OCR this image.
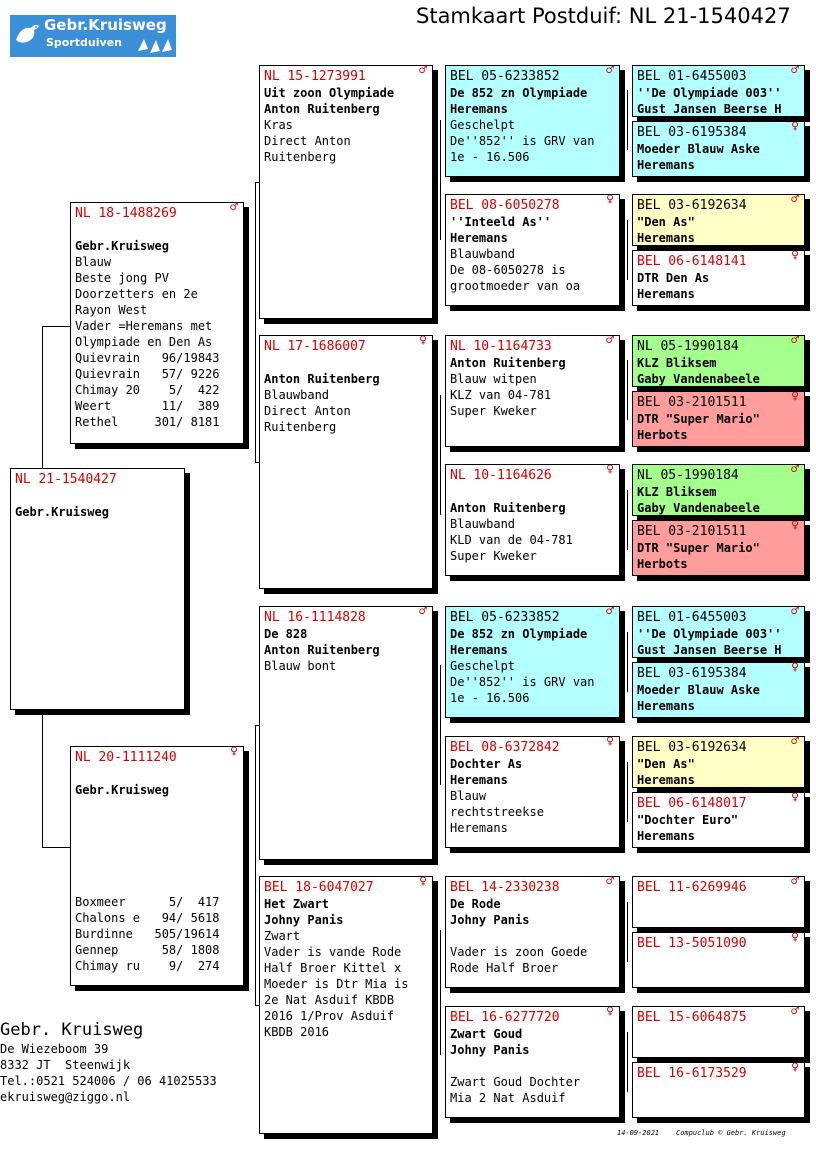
Stamkaart Postduif: NL 21-1540427
Gebr.Kruisweg
Sportduiven
NL 21-1540427
Gebr.Kruisweg
NL 18-1488269	♂
Gebr.Kruisweg
Blauw
Beste jong PV
Doorzetters en 2e
Rayon West
Vader =Heremans met
Olympiade en Den As
Quievrain   96/19843
Quievrain   57/ 9226
Chimay 20    5/  422
Weert       11/  389
Rethel     301/ 8181
NL 20-1111240	♀
Gebr.Kruisweg
Boxmeer      5/  417
Chalons e   94/ 5618
Burdinne   505/19614
Gennep      58/ 1808
Chimay ru    9/  274
NL 15-1273991	♂
Uit zoon Olympiade
Anton Ruitenberg
Kras
Direct Anton
Ruitenberg
NL 17-1686007	♀
Anton Ruitenberg
Blauwband
Direct Anton
Ruitenberg
NL 16-1114828	♂
De 828
Anton Ruitenberg
Blauw bont
BEL 18-6047027	♀
Het Zwart
Johny Panis
Zwart
Vader is vande Rode
Half Broer Kittel x
Moeder is Dtr Mia is
2e Nat Asduif KBDB
2016 1/Prov Asduif
KBDB 2016
BEL 05-6233852	♂
De 852 zn Olympiade
Heremans
Geschelpt
De''852'' is GRV van
1e - 16.506
BEL 08-6050278	♀
''Inteeld As''
Heremans
Blauwband
De 08-6050278 is
grootmoeder van oa
NL 10-1164733	♂
Anton Ruitenberg
Blauw witpen
KLZ van 04-781
Super Kweker
NL 10-1164626	♀
Anton Ruitenberg
Blauwband
KLD van de 04-781
Super Kweker
BEL 05-6233852	♂
De 852 zn Olympiade
Heremans
Geschelpt
De''852'' is GRV van
1e - 16.506
BEL 08-6372842	♀
Dochter As
Heremans
Blauw
rechtstreekse
Heremans
BEL 14-2330238	♂
De Rode
Johny Panis
Vader is zoon Goede
Rode Half Broer
BEL 16-6277720	♀
Zwart Goud
Johny Panis
Zwart Goud Dochter
Mia 2 Nat Asduif
BEL 01-6455003	♂
''De Olympiade 003''
Gust Jansen Beerse H
BEL 03-6195384	♀
Moeder Blauw Aske
Heremans
BEL 03-6192634	♂
"Den As"
Heremans
BEL 06-6148141	♀
DTR Den As
Heremans
NL 05-1990184	♂
KLZ Bliksem
Gaby Vandenabeele
BEL 03-2101511	♀
DTR "Super Mario"
Herbots
NL 05-1990184	♂
KLZ Bliksem
Gaby Vandenabeele
BEL 03-2101511	♀
DTR "Super Mario"
Herbots
BEL 01-6455003	♂
''De Olympiade 003''
Gust Jansen Beerse H
BEL 03-6195384	♀
Moeder Blauw Aske
Heremans
BEL 03-6192634	♂
"Den As"
Heremans
BEL 06-6148017	♀
"Dochter Euro"
Heremans
BEL 11-6269946	♂
BEL 13-5051090	♀
BEL 15-6064875	♂
BEL 16-6173529	♀
Gebr. Kruisweg
De Wiezeboom 39
8332 JT  Steenwijk
Tel.:0521 524006 / 06 41025533
ekruisweg@ziggo.nl
14-09-2021    Compuclub © Gebr. Kruisweg
